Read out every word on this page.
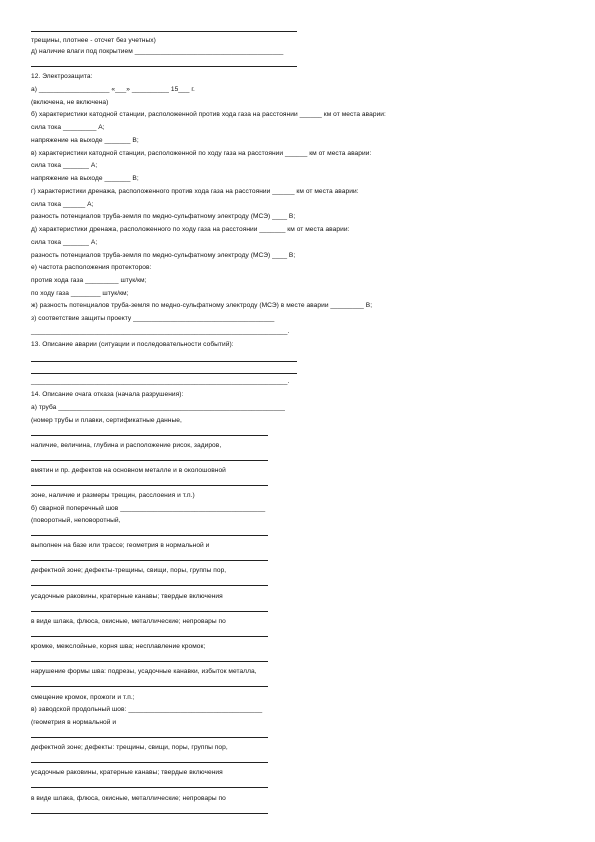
трещины, плотнее - отсчет без учетных)
д) наличие влаги под покрытием ________________________________________
12. Электрозащита:
а) ___________________ «___» __________ 15___ г.
(включена, не включена)
б) характеристики катодной станции, расположенной против хода газа на расстоянии ______ км от места аварии:
сила тока _________ А;
напряжение на выходе _______ В;
в) характеристики катодной станции, расположенной по ходу газа на расстоянии ______ км от места аварии:
сила тока _______ А;
напряжение на выходе _______ В;
г) характеристики дренажа, расположенного против хода газа на расстоянии ______ км от места аварии:
сила тока ______ А;
разность потенциалов труба-земля по медно-сульфатному электроду (МСЭ) ____ В;
д) характеристики дренажа, расположенного по ходу газа на расстоянии _______ км от места аварии:
сила тока _______ А;
разность потенциалов труба-земля по медно-сульфатному электроду (МСЭ) ____ В;
е) частота расположения протекторов:
против хода газа _________ штук/км;
по ходу газа ________ штук/км;
ж) разность потенциалов труба-земля по медно-сульфатному электроду (МСЭ) в месте аварии _________ В;
з) соответствие защиты проекту ______________________________________
_____________________________________________________________________.
13. Описание аварии (ситуации и последовательности событий):
_____________________________________________________________________.
14. Описание очага отказа (начала разрушения):
а) труба _____________________________________________________________
(номер трубы и плавки, сертификатные данные,
наличие, величина, глубина и расположение рисок, задиров,
вмятин и пр. дефектов на основном металле и в околошовной
зоне, наличие и размеры трещин, расслоения и т.п.)
б) сварной поперечный шов _______________________________________
(поворотный, неповоротный,
выполнен на базе или трассе; геометрия в нормальной и
дефектной зоне; дефекты-трещины, свищи, поры, группы пор,
усадочные раковины, кратерные канавы; твердые включения
в виде шлака, флюса, окисные, металлические; непровары по
кромке, межслойные, корня шва; несплавление кромок;
нарушение формы шва: подрезы, усадочные канавки, избыток металла,
смещение кромок, прожоги и т.п.;
в) заводской продольный шов: ____________________________________
(геометрия в нормальной и
дефектной зоне; дефекты: трещины, свищи, поры, группы пор,
усадочные раковины, кратерные канавы; твердые включения
в виде шлака, флюса, окисные, металлические; непровары по
